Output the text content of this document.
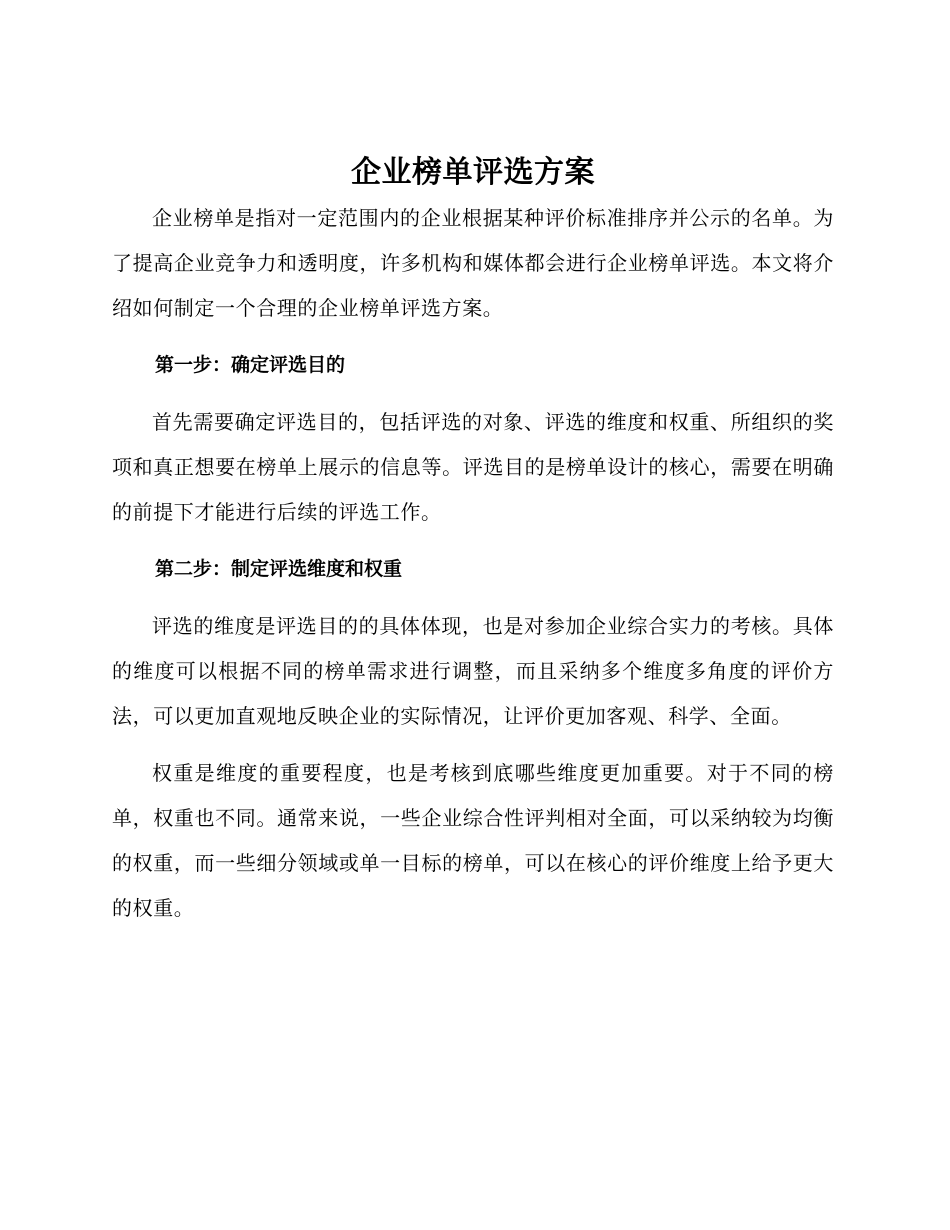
企业榜单评选方案

企业榜单是指对一定范围内的企业根据某种评价标准排序并公示的名单。为了提高企业竞争力和透明度，许多机构和媒体都会进行企业榜单评选。本文将介绍如何制定一个合理的企业榜单评选方案。

第一步：确定评选目的

首先需要确定评选目的，包括评选的对象、评选的维度和权重、所组织的奖项和真正想要在榜单上展示的信息等。评选目的是榜单设计的核心，需要在明确的前提下才能进行后续的评选工作。

第二步：制定评选维度和权重

评选的维度是评选目的的具体体现，也是对参加企业综合实力的考核。具体的维度可以根据不同的榜单需求进行调整，而且采纳多个维度多角度的评价方法，可以更加直观地反映企业的实际情况，让评价更加客观、科学、全面。

权重是维度的重要程度，也是考核到底哪些维度更加重要。对于不同的榜单，权重也不同。通常来说，一些企业综合性评判相对全面，可以采纳较为均衡的权重，而一些细分领域或单一目标的榜单，可以在核心的评价维度上给予更大的权重。
